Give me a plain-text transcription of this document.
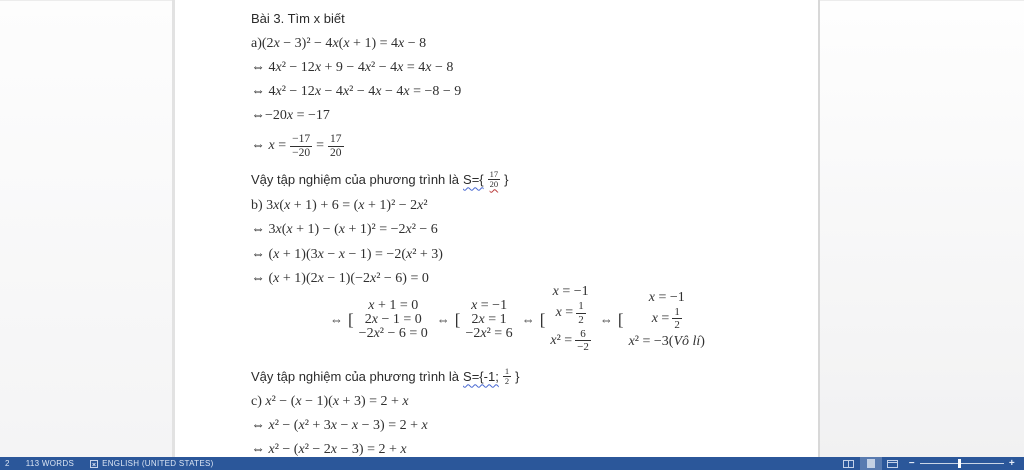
Bài 3. Tìm x biết
a)(2x − 3)² − 4x(x + 1) = 4x − 8
⇔ 4x² − 12x + 9 − 4x² − 4x = 4x − 8
⇔ 4x² − 12x − 4x² − 4x − 4x = −8 − 9
⇔−20x = −17
⇔ $x = \frac{-17}{-20} = \frac{17}{20}$
Vậy tập nghiệm của phương trình là $S=\{ \frac{17}{20}$ }
b) 3x(x + 1) + 6 = (x + 1)² − 2x²
⇔ 3x(x + 1) − (x + 1)² = −2x² − 6
⇔ (x + 1)(3x − x − 1) = −2(x² + 3)
⇔ (x + 1)(2x − 1)(−2x² − 6) = 0
⇔ [
x + 1 = 0
2x − 1 = 0
−2x² − 6 = 0
⇔ [
x = −1
2x = 1
−2x² = 6
⇔ [
x = −1
$x = \frac{1}{2}$
$x^2 = \frac{6}{-2}$
⇔ [
x = −1
$x = \frac{1}{2}$
x² = −3(Vô lí)
Vậy tập nghiệm của phương trình là S={-1; $\frac{1}{2}$ }
c) x² − (x − 1)(x + 3) = 2 + x
⇔ x² − (x² + 3x − x − 3) = 2 + x
⇔ x² − (x² − 2x − 3) = 2 + x
2 113 WORDS	ENGLISH (UNITED STATES)	−	+
